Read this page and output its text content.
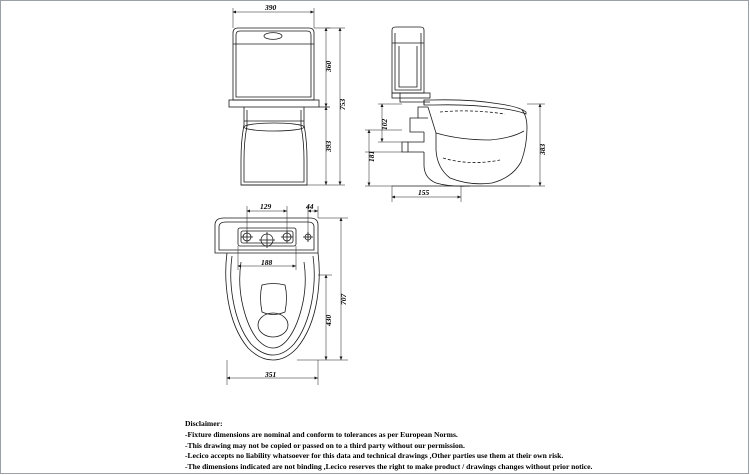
390
360
753
393
102
181
383
155
129	44
188
707
430
351
Disclaimer:
-Fixture dimensions are nominal and conform to tolerances as per European Norms.
-This drawing may not be copied or passed on to a third party without our permission.
-Lecico accepts no liability whatsoever for this data and technical drawings ,Other parties use them at their own risk.
-The dimensions indicated are not binding ,Lecico reserves the right to make product / drawings changes without prior notice.
